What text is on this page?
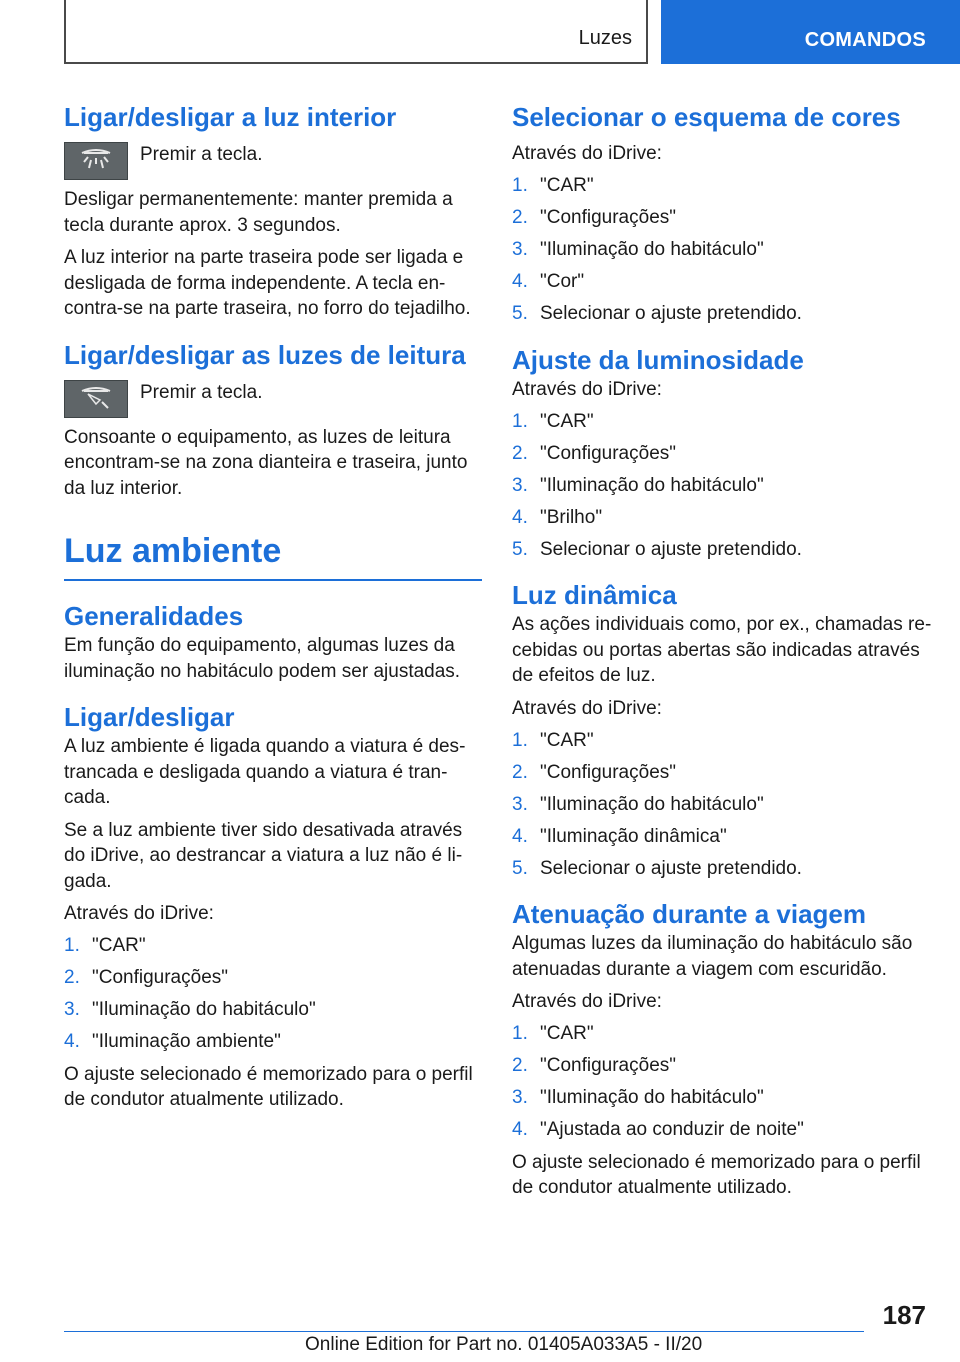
Luzes	COMANDOS
Ligar/desligar a luz interior

Premir a tecla.

Desligar permanentemente: manter premida a tecla durante aprox. 3 segundos.

A luz interior na parte traseira pode ser ligada e desligada de forma independente. A tecla encontra-se na parte traseira, no forro do tejadilho.

Ligar/desligar as luzes de leitura

Premir a tecla.

Consoante o equipamento, as luzes de leitura encontram-se na zona dianteira e traseira, junto da luz interior.

Luz ambiente
Generalidades

Em função do equipamento, algumas luzes da iluminação no habitáculo podem ser ajustadas.

Ligar/desligar

A luz ambiente é ligada quando a viatura é destrancada e desligada quando a viatura é trancada.

Se a luz ambiente tiver sido desativada através do iDrive, ao destrancar a viatura a luz não é ligada.

Através do iDrive:

1. "CAR"
2. "Configurações"
3. "Iluminação do habitáculo"
4. "Iluminação ambiente"

O ajuste selecionado é memorizado para o perfil de condutor atualmente utilizado.

Selecionar o esquema de cores

Através do iDrive:

1. "CAR"
2. "Configurações"
3. "Iluminação do habitáculo"
4. "Cor"
5. Selecionar o ajuste pretendido.
Ajuste da luminosidade

Através do iDrive:

1. "CAR"
2. "Configurações"
3. "Iluminação do habitáculo"
4. "Brilho"
5. Selecionar o ajuste pretendido.
Luz dinâmica

As ações individuais como, por ex., chamadas recebidas ou portas abertas são indicadas através de efeitos de luz.

Através do iDrive:

1. "CAR"
2. "Configurações"
3. "Iluminação do habitáculo"
4. "Iluminação dinâmica"
5. Selecionar o ajuste pretendido.
Atenuação durante a viagem

Algumas luzes da iluminação do habitáculo são atenuadas durante a viagem com escuridão.

Através do iDrive:

1. "CAR"
2. "Configurações"
3. "Iluminação do habitáculo"
4. "Ajustada ao conduzir de noite"

O ajuste selecionado é memorizado para o perfil de condutor atualmente utilizado.

187
Online Edition for Part no. 01405A033A5 - II/20
